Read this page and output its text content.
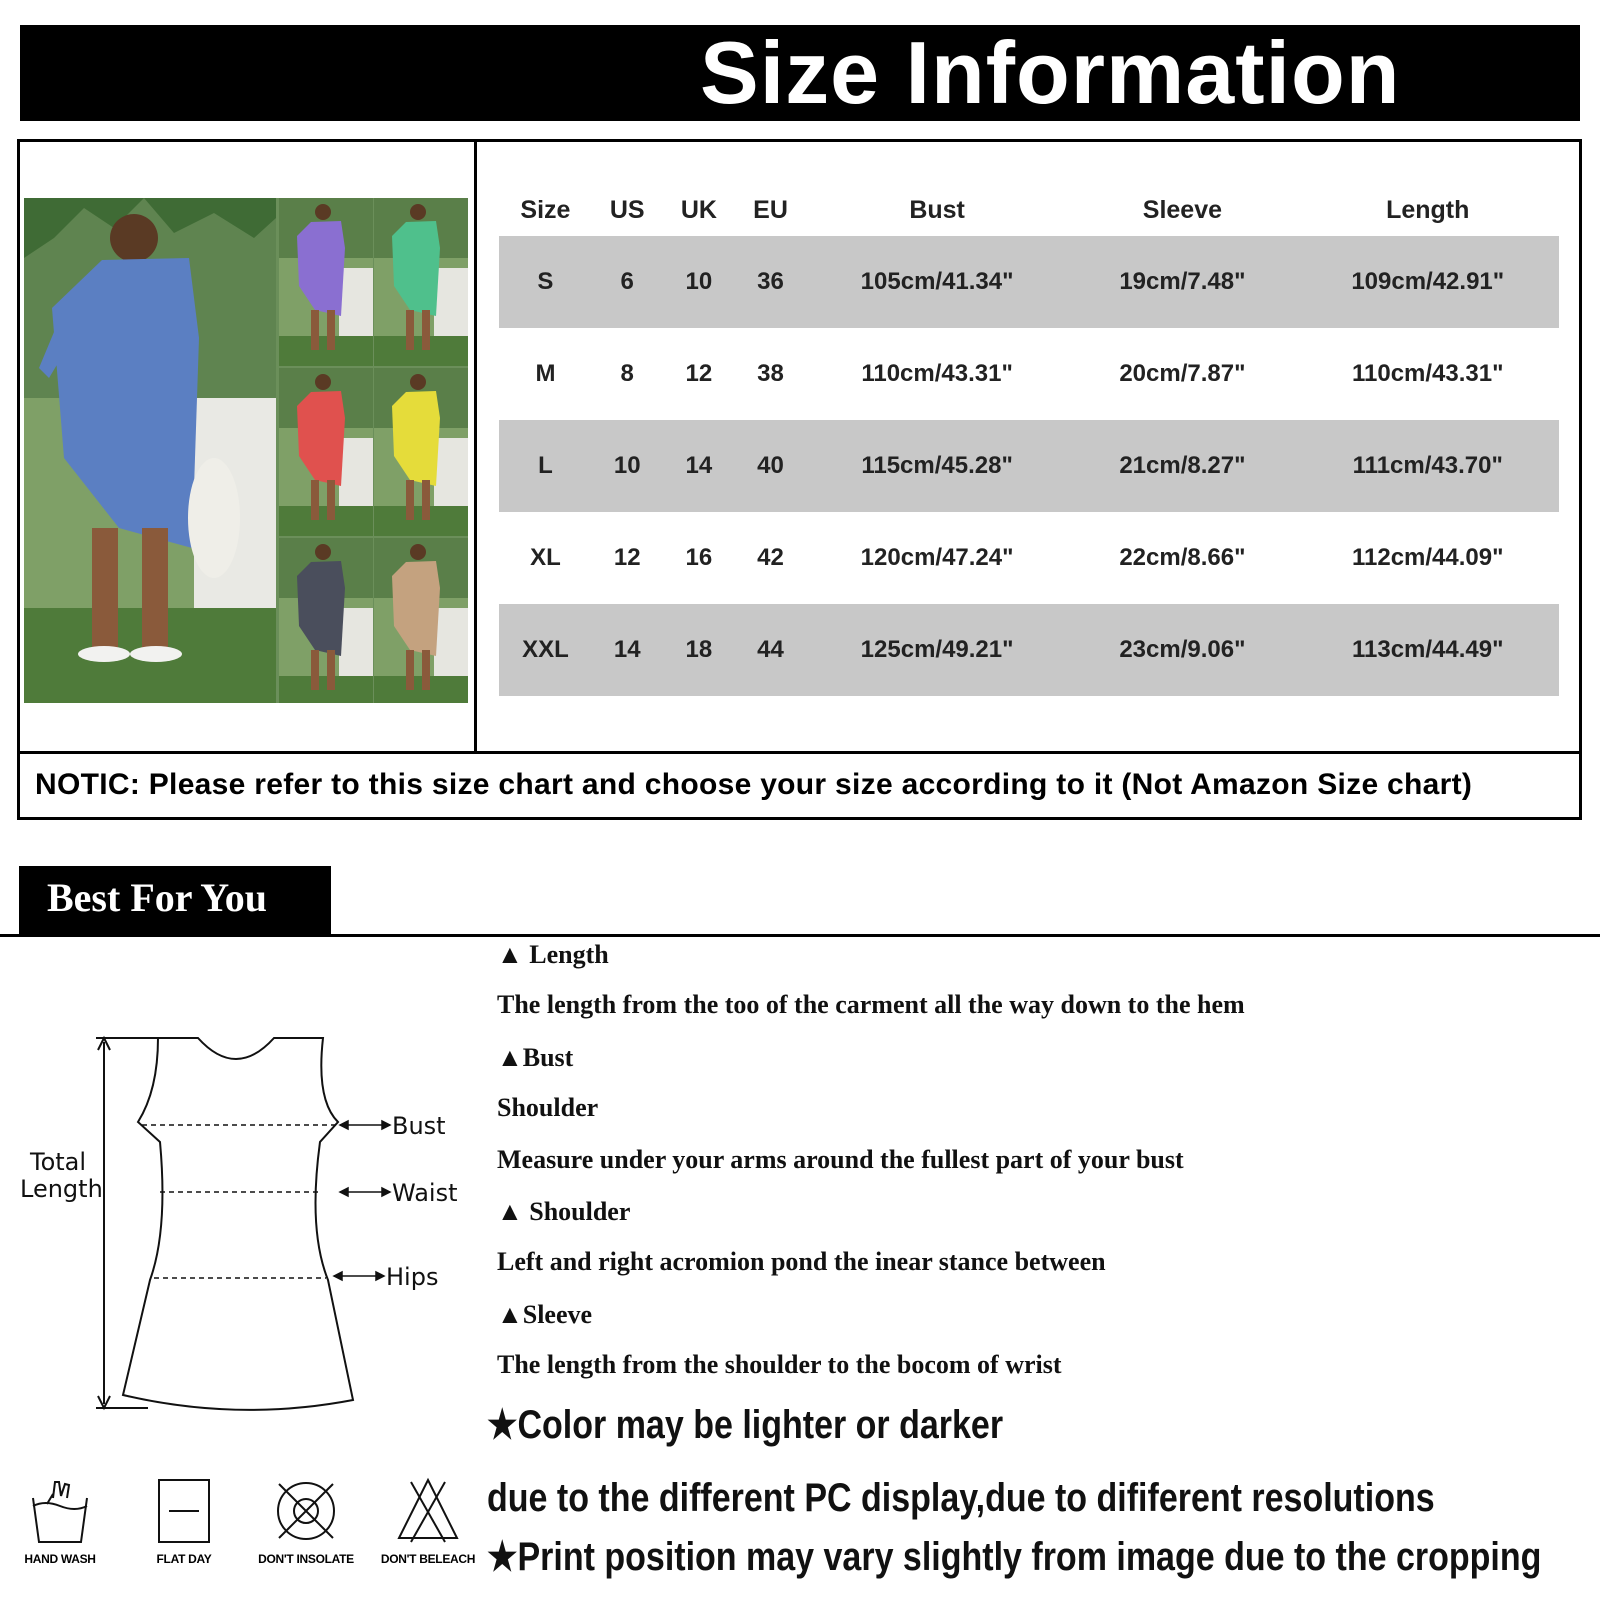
Size Information
Size	US	UK	EU	Bust	Sleeve	Length
S	6	10	36	105cm/41.34"	19cm/7.48"	109cm/42.91"
M	8	12	38	110cm/43.31"	20cm/7.87"	110cm/43.31"
L	10	14	40	115cm/45.28"	21cm/8.27"	111cm/43.70"
XL	12	16	42	120cm/47.24"	22cm/8.66"	112cm/44.09"
XXL	14	18	44	125cm/49.21"	23cm/9.06"	113cm/44.49"
NOTIC: Please refer to this size chart and choose your size according to it (Not Amazon Size chart)
Best For You
Total
Length
Bust
Waist
Hips
▲ Length
The length from the too of the carment all the way down to the hem
▲Bust
Shoulder
Measure under your arms around the fullest part of your bust
▲ Shoulder
Left and right acromion pond the inear stance between
▲Sleeve
The length from the shoulder to the bocom of wrist
★Color may be lighter or darker
due to the different PC display,due to dififerent resolutions
★Print position may vary slightly from image due to the cropping
HAND WASH	FLAT DAY	DON'T INSOLATE	DON'T BELEACH
